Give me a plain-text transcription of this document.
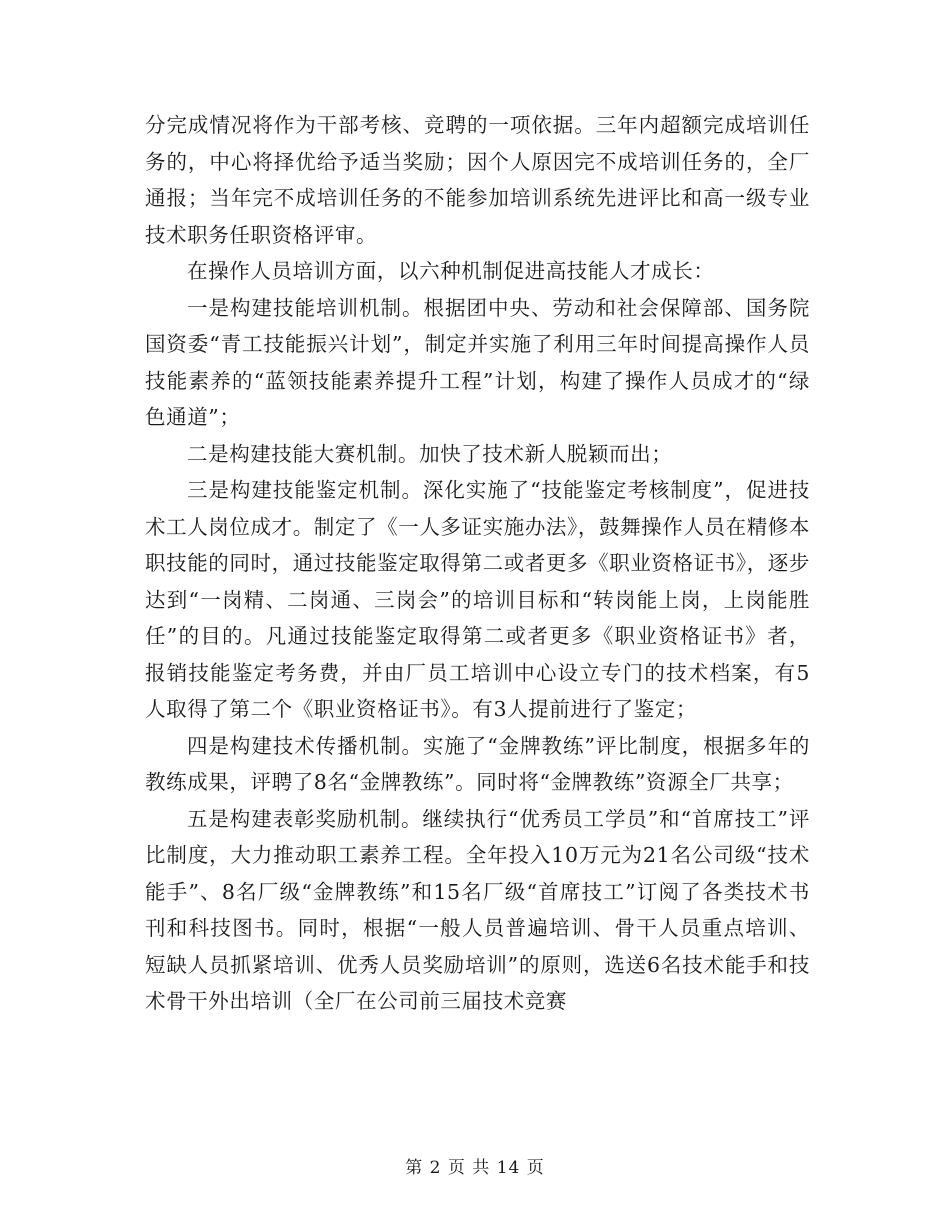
分完成情况将作为干部考核、竞聘的一项依据。三年内超额完成培训任务的，中心将择优给予适当奖励；因个人原因完不成培训任务的，全厂通报；当年完不成培训任务的不能参加培训系统先进评比和高一级专业技术职务任职资格评审。

在操作人员培训方面，以六种机制促进高技能人才成长：

一是构建技能培训机制。根据团中央、劳动和社会保障部、国务院国资委“青工技能振兴计划”，制定并实施了利用三年时间提高操作人员技能素养的“蓝领技能素养提升工程”计划，构建了操作人员成才的“绿色通道”；

二是构建技能大赛机制。加快了技术新人脱颖而出；

三是构建技能鉴定机制。深化实施了“技能鉴定考核制度”，促进技术工人岗位成才。制定了《一人多证实施办法》，鼓舞操作人员在精修本职技能的同时，通过技能鉴定取得第二或者更多《职业资格证书》，逐步达到“一岗精、二岗通、三岗会”的培训目标和“转岗能上岗，上岗能胜任”的目的。凡通过技能鉴定取得第二或者更多《职业资格证书》者，报销技能鉴定考务费，并由厂员工培训中心设立专门的技术档案，有5人取得了第二个《职业资格证书》。有3人提前进行了鉴定；

四是构建技术传播机制。实施了“金牌教练”评比制度，根据多年的教练成果，评聘了8名“金牌教练”。同时将“金牌教练”资源全厂共享；

五是构建表彰奖励机制。继续执行“优秀员工学员”和“首席技工”评比制度，大力推动职工素养工程。全年投入10万元为21名公司级“技术能手”、8名厂级“金牌教练”和15名厂级“首席技工”订阅了各类技术书刊和科技图书。同时，根据“一般人员普遍培训、骨干人员重点培训、短缺人员抓紧培训、优秀人员奖励培训”的原则，选送6名技术能手和技术骨干外出培训（全厂在公司前三届技术竞赛

第 2 页 共 14 页
